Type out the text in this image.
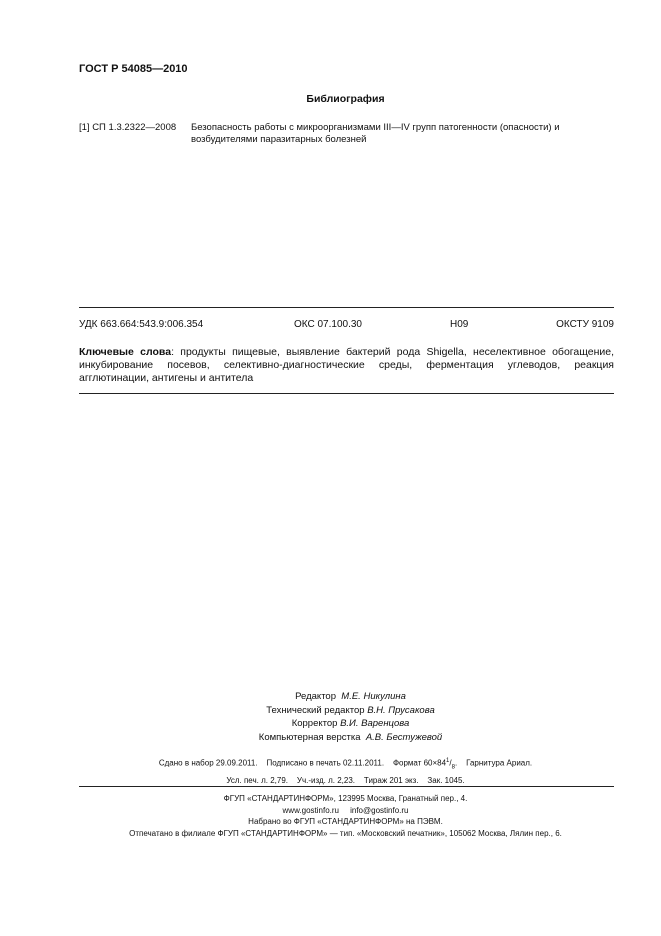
ГОСТ Р 54085—2010
Библиография
[1] СП 1.3.2322—2008 Безопасность работы с микроорганизмами III—IV групп патогенности (опасности) и возбудителями паразитарных болезней
УДК 663.664:543.9:006.354	ОКС 07.100.30	Н09	ОКСТУ 9109
Ключевые слова: продукты пищевые, выявление бактерий рода Shigella, неселективное обогащение, инкубирование посевов, селективно-диагностические среды, ферментация углеводов, реакция агглютинации, антигены и антитела
Редактор М.Е. Никулина
Технический редактор В.Н. Прусакова
Корректор В.И. Варенцова
Компьютерная верстка А.В. Бестужевой
Сдано в набор 29.09.2011. Подписано в печать 02.11.2011. Формат $60\times 84^1/_8$.    Гарнитура Ариал.
Усл. печ. л. 2,79. Уч.-изд. л. 2,23. Тираж 201 экз. Зак. 1045.
ФГУП «СТАНДАРТИНФОРМ», 123995 Москва, Гранатный пер., 4.
www.gostinfo.ru info@gostinfo.ru
Набрано во ФГУП «СТАНДАРТИНФОРМ» на ПЭВМ.
Отпечатано в филиале ФГУП «СТАНДАРТИНФОРМ» — тип. «Московский печатник», 105062 Москва, Лялин пер., 6.
